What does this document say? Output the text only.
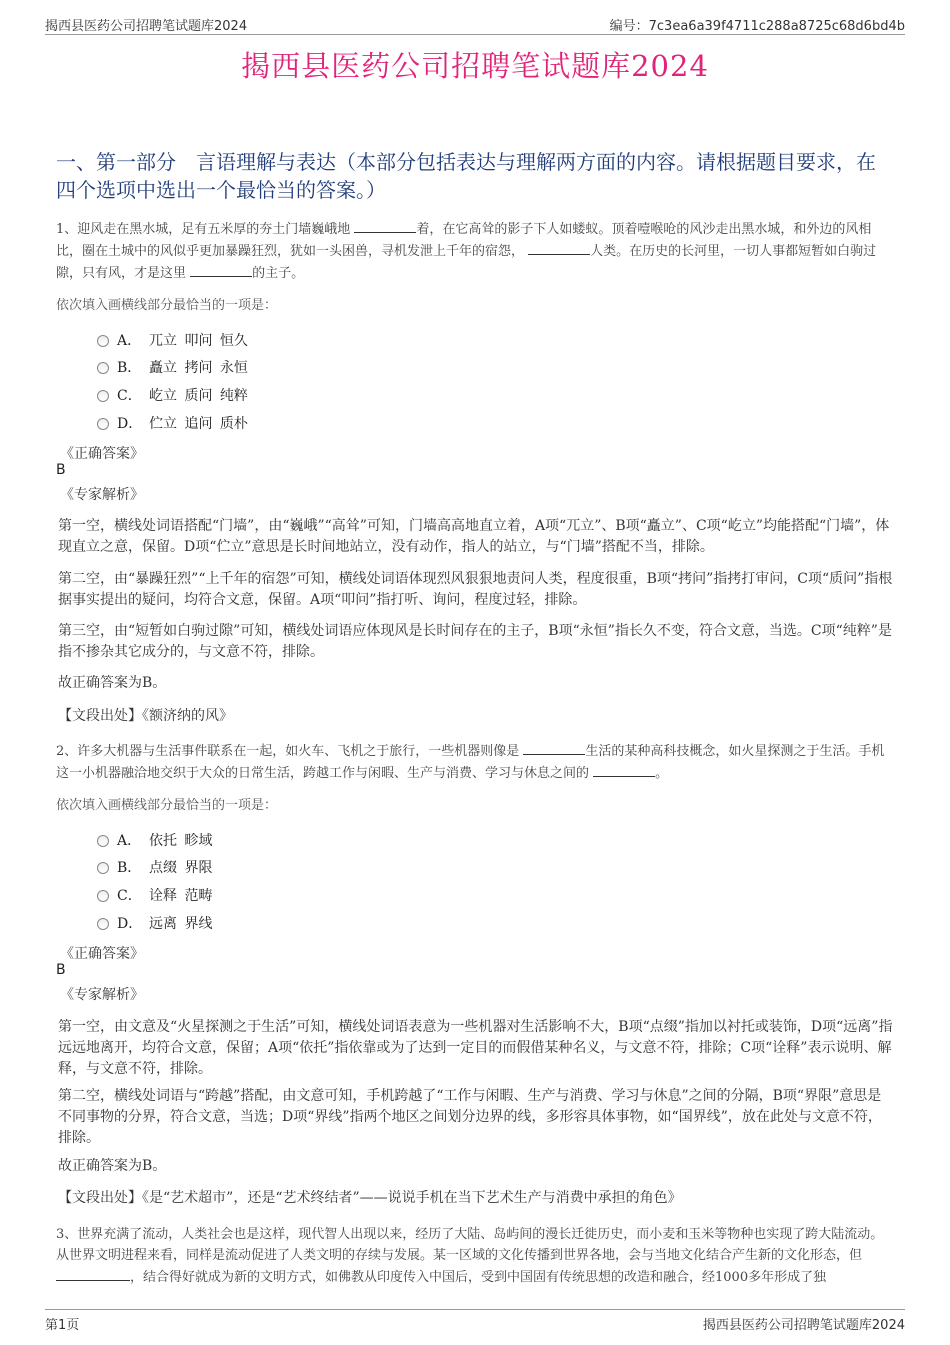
揭西县医药公司招聘笔试题库2024	编号：7c3ea6a39f4711c288a8725c68d6bd4b
揭西县医药公司招聘笔试题库2024
一、第一部分　言语理解与表达（本部分包括表达与理解两方面的内容。请根据题目要求，在四个选项中选出一个最恰当的答案。）
1、迎风走在黑水城，足有五米厚的夯土门墙巍峨地	着，在它高耸的影子下人如蝼蚁。顶着噎喉呛的风沙走出黑水城，和外边的风相比，圈在土城中的风似乎更加暴躁狂烈，犹如一头困兽，寻机发泄上千年的宿怨，	人类。在历史的长河里，一切人事都短暂如白驹过隙，只有风，才是这里	的主子。
依次填入画横线部分最恰当的一项是：
A． 兀立 叩问 恒久
B． 矗立 拷问 永恒
C． 屹立 质问 纯粹
D． 伫立 追问 质朴
《正确答案》
B
《专家解析》
第一空，横线处词语搭配“门墙”，由“巍峨”“高耸”可知，门墙高高地直立着，A项“兀立”、B项“矗立”、C项“屹立”均能搭配“门墙”，体现直立之意，保留。D项“伫立”意思是长时间地站立，没有动作，指人的站立，与“门墙”搭配不当，排除。
第二空，由“暴躁狂烈”“上千年的宿怨”可知，横线处词语体现烈风狠狠地责问人类，程度很重，B项“拷问”指拷打审问，C项“质问”指根据事实提出的疑问，均符合文意，保留。A项“叩问”指打听、询问，程度过轻，排除。
第三空，由“短暂如白驹过隙”可知，横线处词语应体现风是长时间存在的主子，B项“永恒”指长久不变，符合文意，当选。C项“纯粹”是指不掺杂其它成分的，与文意不符，排除。
故正确答案为B。
【文段出处】《额济纳的风》
2、许多大机器与生活事件联系在一起，如火车、飞机之于旅行，一些机器则像是	生活的某种高科技概念，如火星探测之于生活。手机这一小机器融洽地交织于大众的日常生活，跨越工作与闲暇、生产与消费、学习与休息之间的	。
依次填入画横线部分最恰当的一项是：
A． 依托 畛域
B． 点缀 界限
C． 诠释 范畴
D． 远离 界线
《正确答案》
B
《专家解析》
第一空，由文意及“火星探测之于生活”可知，横线处词语表意为一些机器对生活影响不大，B项“点缀”指加以衬托或装饰，D项“远离”指远远地离开，均符合文意，保留；A项“依托”指依靠或为了达到一定目的而假借某种名义，与文意不符，排除；C项“诠释”表示说明、解释，与文意不符，排除。
第二空，横线处词语与“跨越”搭配，由文意可知，手机跨越了“工作与闲暇、生产与消费、学习与休息”之间的分隔，B项“界限”意思是不同事物的分界，符合文意，当选；D项“界线”指两个地区之间划分边界的线，多形容具体事物，如“国界线”，放在此处与文意不符，排除。
故正确答案为B。
【文段出处】《是“艺术超市”，还是“艺术终结者”——说说手机在当下艺术生产与消费中承担的角色》
3、世界充满了流动，人类社会也是这样，现代智人出现以来，经历了大陆、岛屿间的漫长迁徙历史，而小麦和玉米等物种也实现了跨大陆流动。从世界文明进程来看，同样是流动促进了人类文明的存续与发展。某一区域的文化传播到世界各地，会与当地文化结合产生新的文化形态，但 ，结合得好就成为新的文明方式，如佛教从印度传入中国后，受到中国固有传统思想的改造和融合，经1000多年形成了独
第1页	揭西县医药公司招聘笔试题库2024
